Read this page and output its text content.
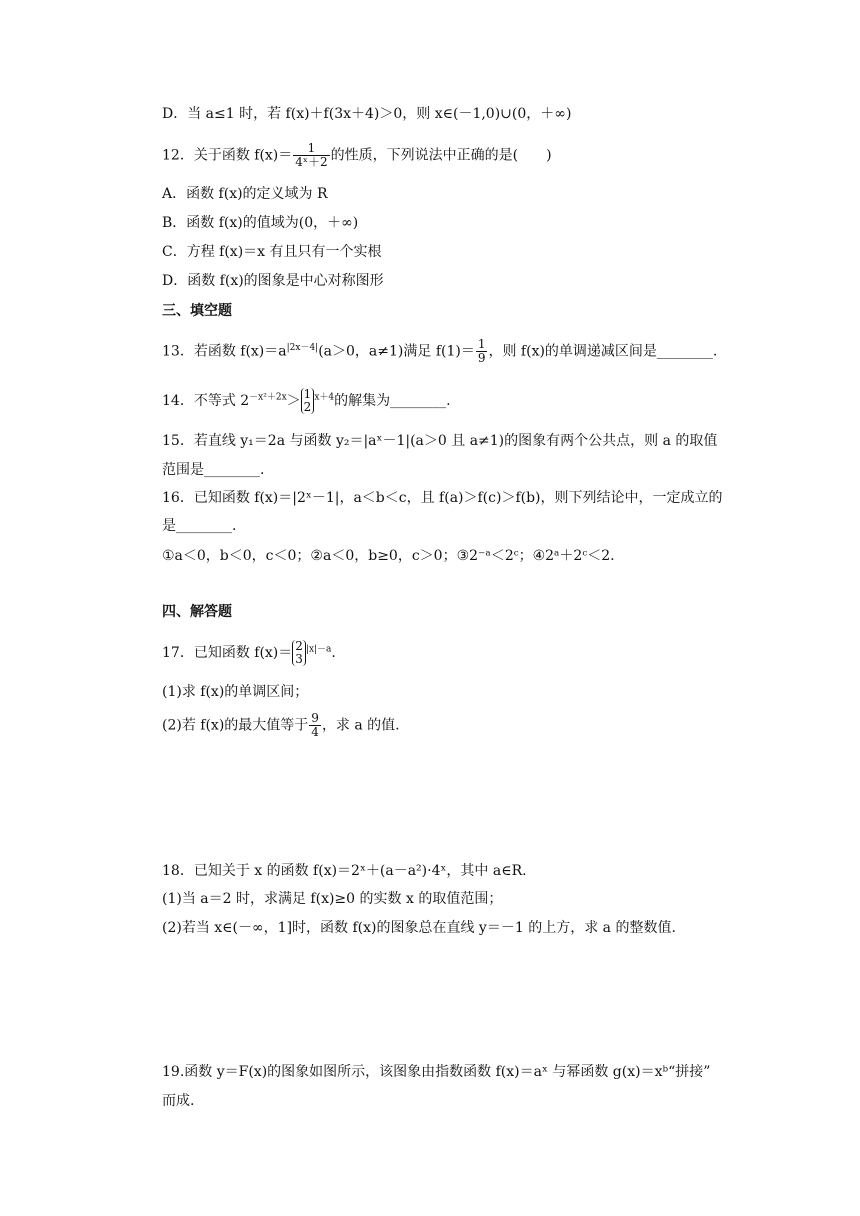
D．当 a≤1 时，若 f(x)＋f(3x＋4)＞0，则 x∈(－1,0)∪(0，＋∞)
12．关于函数 $f(x)= \frac{1}{\text{4ˣ＋2}}$ 的性质，下列说法中正确的是(　　)
A．函数 f(x)的定义域为 R
B．函数 f(x)的值域为(0，＋∞)
C．方程 f(x)＝x 有且只有一个实根
D．函数 f(x)的图象是中心对称图形
三、填空题
13．若函数 $f(x)=a^{|2x-4|}(a>0$，a≠1)满足 $f(1)= \frac{1}{9}$ ，则 f(x)的单调递减区间是________.
14．不等式 $2^{-x^2+2x}> 1$
2
$^{x+4}$的解集为________.
15．若直线 y₁＝2a 与函数 y₂＝|aˣ－1|(a＞0 且 a≠1)的图象有两个公共点，则 a 的取值
范围是________.
16．已知函数 f(x)＝|2ˣ－1|，a＜b＜c，且 f(a)＞f(c)＞f(b)，则下列结论中，一定成立的
是________.
①a＜0，b＜0，c＜0；②a＜0，b≥0，c＞0；③2⁻ᵃ＜2ᶜ；④2ᵃ＋2ᶜ＜2.
四、解答题
17．已知函数 f(x)＝ 2
3
$^{|x|-a}$.
(1)求 f(x)的单调区间；
(2)若 f(x)的最大值等于 $\frac{9}{4}$ ，求 a 的值.
18．已知关于 x 的函数 f(x)＝2ˣ＋(a－a²)·4ˣ，其中 a∈R.
(1)当 a＝2 时，求满足 f(x)≥0 的实数 x 的取值范围；
(2)若当 x∈(－∞，1]时，函数 f(x)的图象总在直线 y＝－1 的上方，求 a 的整数值.
19.函数 y＝F(x)的图象如图所示，该图象由指数函数 f(x)＝aˣ 与幂函数 g(x)＝xᵇ“拼接”
而成.
